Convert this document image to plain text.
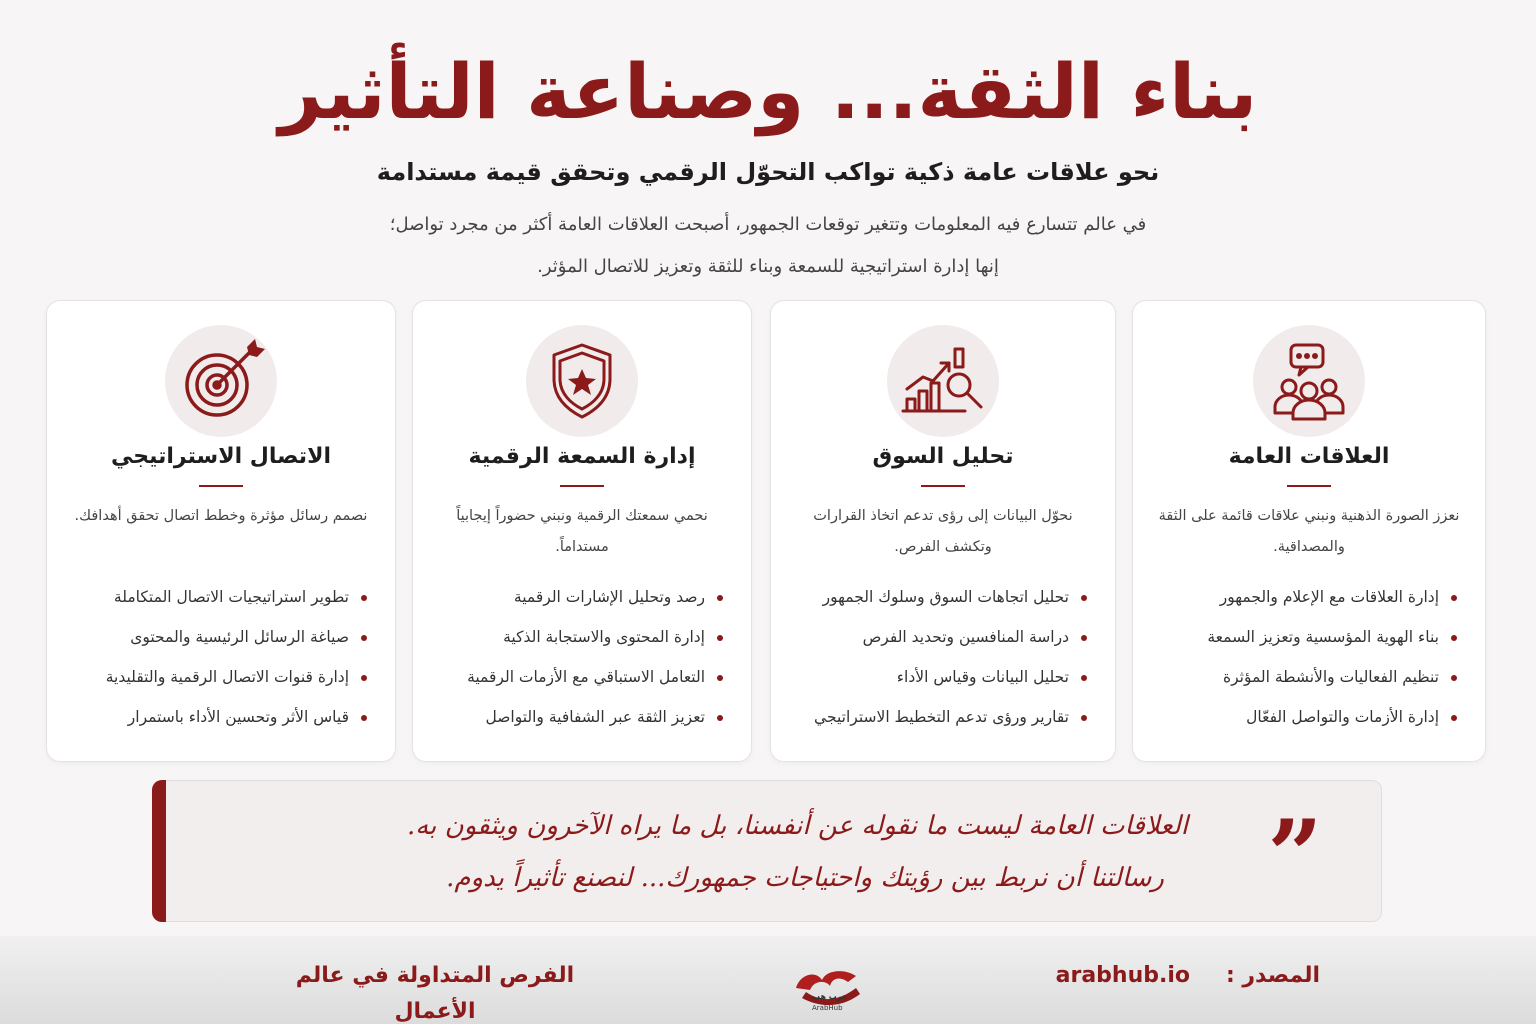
بناء الثقة... وصناعة التأثير
نحو علاقات عامة ذكية تواكب التحوّل الرقمي وتحقق قيمة مستدامة
في عالم تتسارع فيه المعلومات وتتغير توقعات الجمهور، أصبحت العلاقات العامة أكثر من مجرد تواصل؛
إنها إدارة استراتيجية للسمعة وبناء للثقة وتعزيز للاتصال المؤثر.
العلاقات العامة
نعزز الصورة الذهنية ونبني علاقات قائمة على الثقة والمصداقية.
إدارة العلاقات مع الإعلام والجمهور
بناء الهوية المؤسسية وتعزيز السمعة
تنظيم الفعاليات والأنشطة المؤثرة
إدارة الأزمات والتواصل الفعّال
تحليل السوق
نحوّل البيانات إلى رؤى تدعم اتخاذ القرارات وتكشف الفرص.
تحليل اتجاهات السوق وسلوك الجمهور
دراسة المنافسين وتحديد الفرص
تحليل البيانات وقياس الأداء
تقارير ورؤى تدعم التخطيط الاستراتيجي
إدارة السمعة الرقمية
نحمي سمعتك الرقمية ونبني حضوراً إيجابياً مستداماً.
رصد وتحليل الإشارات الرقمية
إدارة المحتوى والاستجابة الذكية
التعامل الاستباقي مع الأزمات الرقمية
تعزيز الثقة عبر الشفافية والتواصل
الاتصال الاستراتيجي
نصمم رسائل مؤثرة وخطط اتصال تحقق أهدافك.
تطوير استراتيجيات الاتصال المتكاملة
صياغة الرسائل الرئيسية والمحتوى
إدارة قنوات الاتصال الرقمية والتقليدية
قياس الأثر وتحسين الأداء باستمرار
”
العلاقات العامة ليست ما نقوله عن أنفسنا، بل ما يراه الآخرون ويثقون به.
رسالتنا أن نربط بين رؤيتك واحتياجات جمهورك... لنصنع تأثيراً يدوم.
المصدر :
arabhub.io
عرب هب
ArabHub
الفرص المتداولة في عالم الأعمال
